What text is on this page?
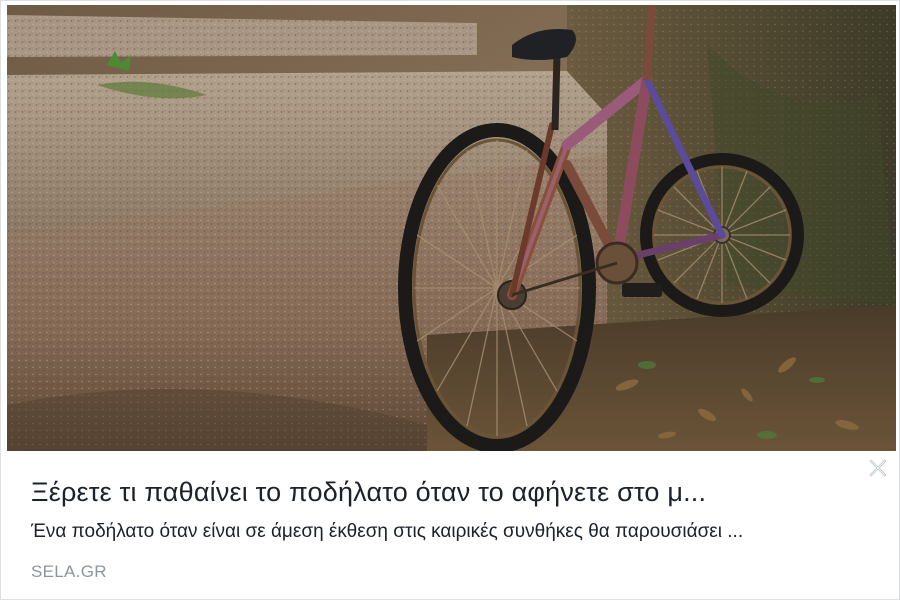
Ξέρετε τι παθαίνει το ποδήλατο όταν το αφήνετε στο μ...
Ένα ποδήλατο όταν είναι σε άμεση έκθεση στις καιρικές συνθήκες θα παρουσιάσει ...
SELA.GR
